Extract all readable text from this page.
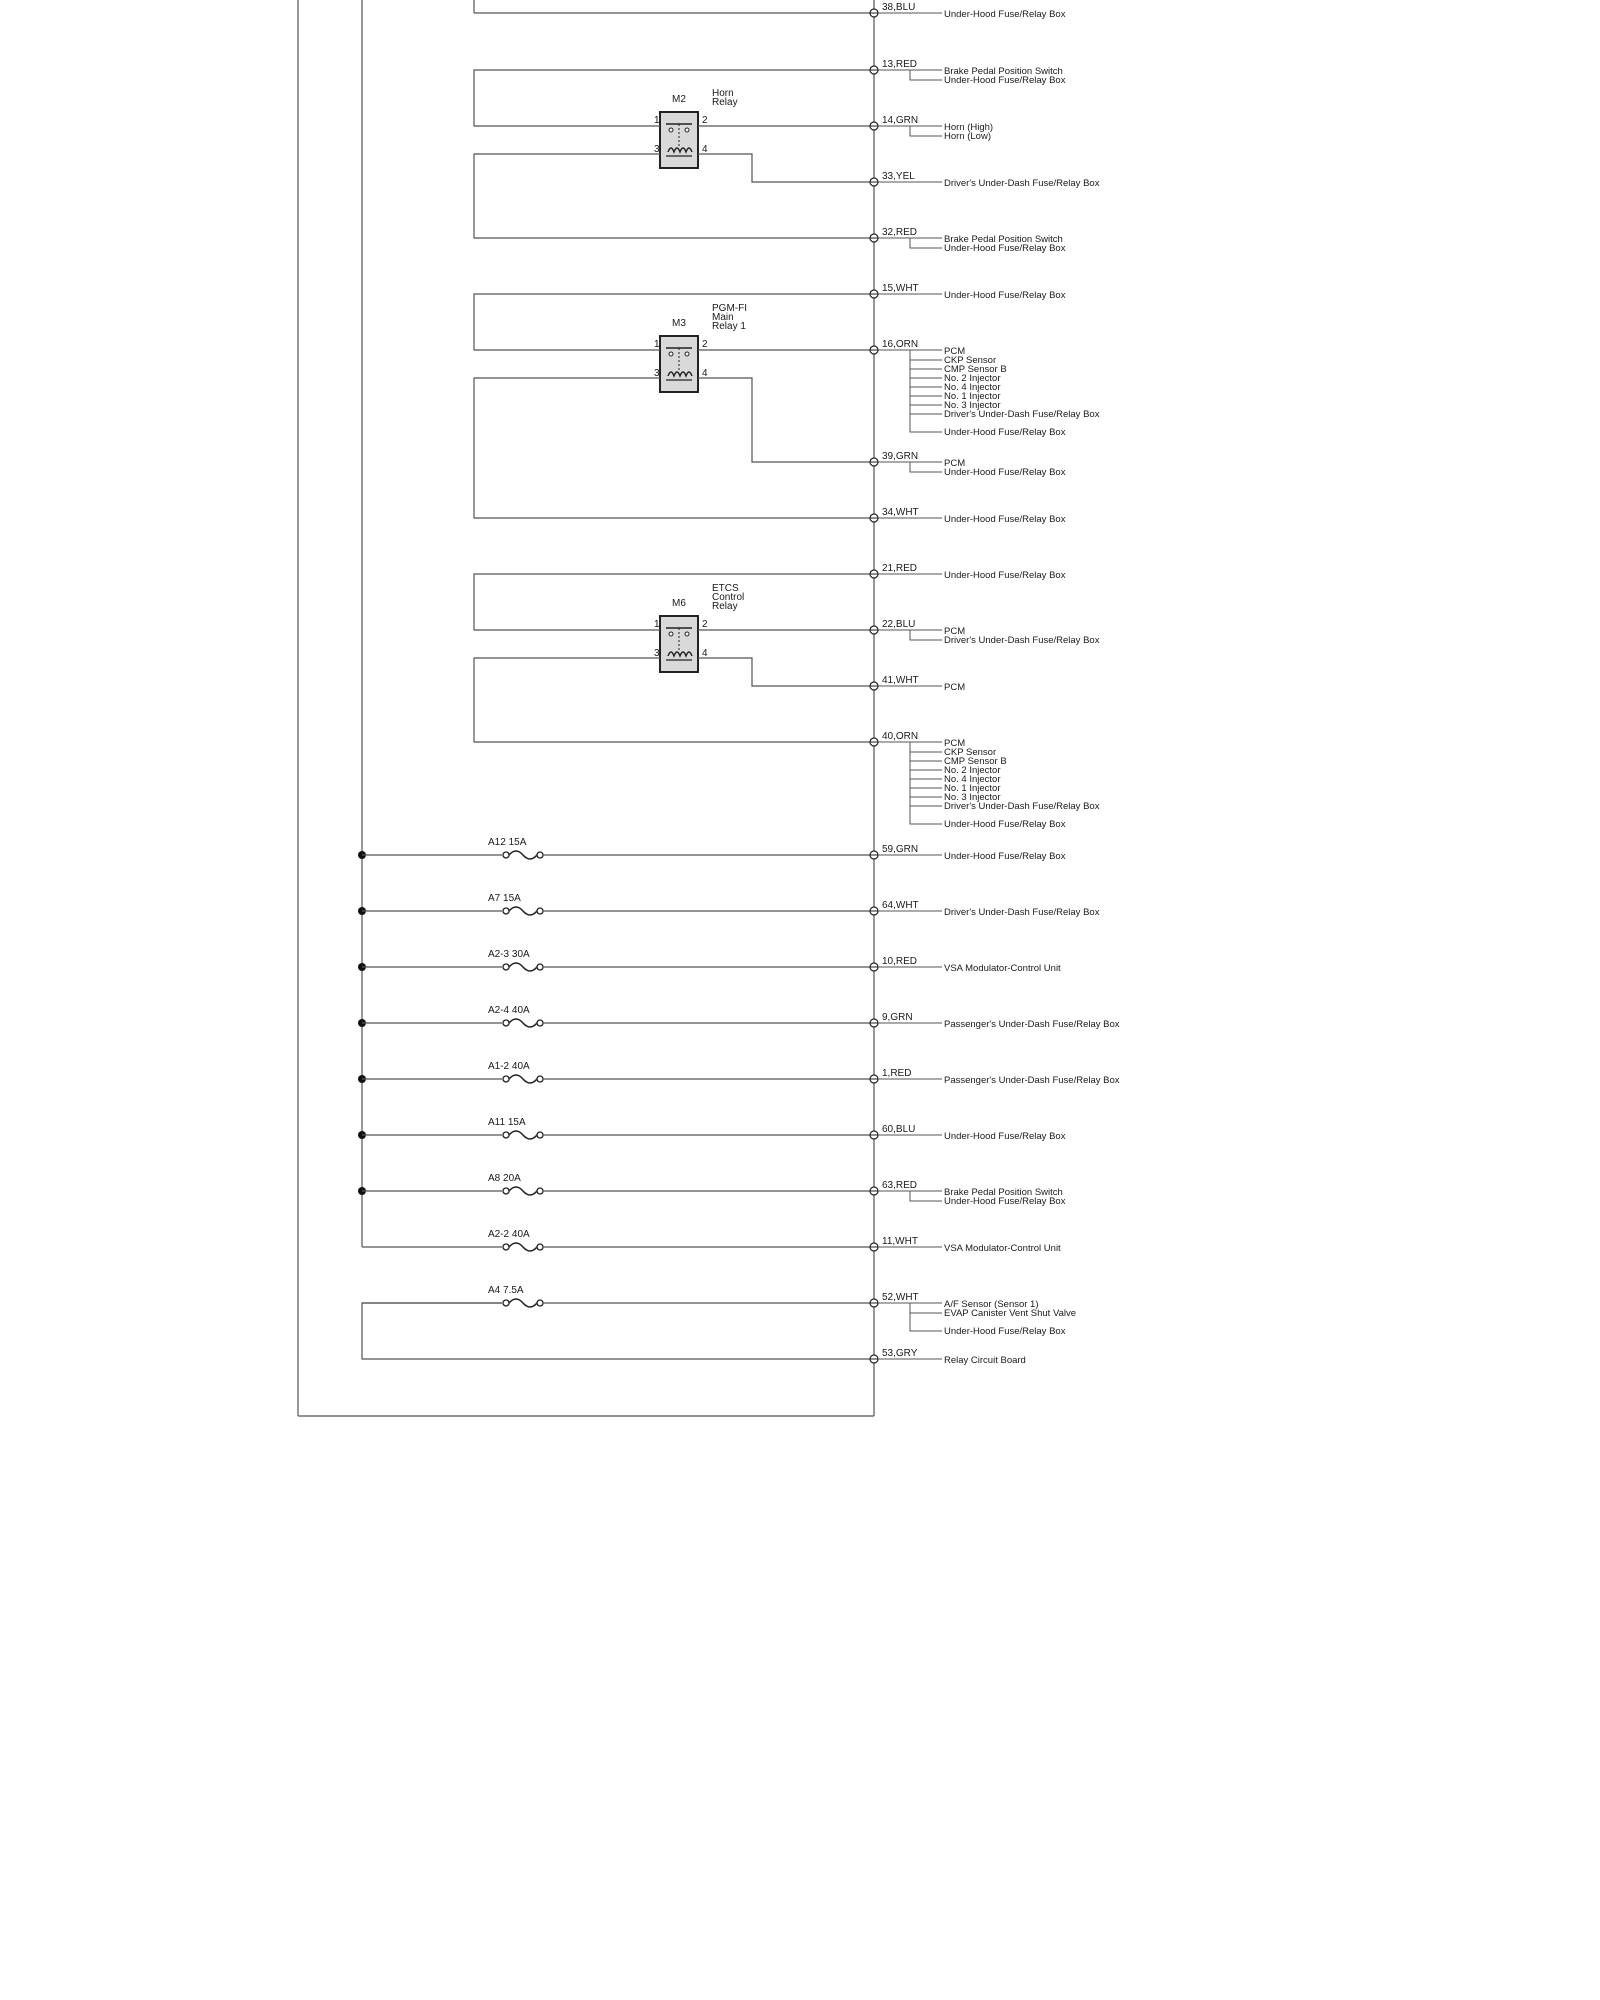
M2
Horn
Relay
1	2
3	4
M3
PGM-FI
Main
Relay 1
1	2
3	4
M6
ETCS
Control
Relay
1	2
3	4
A12 15A
A7 15A
A2-3 30A
A2-4 40A
A1-2 40A
A11 15A
A8 20A
A2-2 40A
A4 7.5A
38,BLU
13,RED
14,GRN
33,YEL
32,RED
15,WHT
16,ORN
39,GRN
34,WHT
21,RED
22,BLU
41,WHT
40,ORN
59,GRN
64,WHT
10,RED
9,GRN
1,RED
60,BLU
63,RED
11,WHT
52,WHT
53,GRY
Under-Hood Fuse/Relay Box
Brake Pedal Position Switch
Under-Hood Fuse/Relay Box
Horn (High)
Horn (Low)
Driver's Under-Dash Fuse/Relay Box
Brake Pedal Position Switch
Under-Hood Fuse/Relay Box
Under-Hood Fuse/Relay Box
PCM
CKP Sensor
CMP Sensor B
No. 2 Injector
No. 4 Injector
No. 1 Injector
No. 3 Injector
Driver's Under-Dash Fuse/Relay Box
Under-Hood Fuse/Relay Box
PCM
Under-Hood Fuse/Relay Box
Under-Hood Fuse/Relay Box
Under-Hood Fuse/Relay Box
PCM
Driver's Under-Dash Fuse/Relay Box
PCM
PCM
CKP Sensor
CMP Sensor B
No. 2 Injector
No. 4 Injector
No. 1 Injector
No. 3 Injector
Driver's Under-Dash Fuse/Relay Box
Under-Hood Fuse/Relay Box
Under-Hood Fuse/Relay Box
Driver's Under-Dash Fuse/Relay Box
VSA Modulator-Control Unit
Passenger's Under-Dash Fuse/Relay Box
Passenger's Under-Dash Fuse/Relay Box
Under-Hood Fuse/Relay Box
Brake Pedal Position Switch
Under-Hood Fuse/Relay Box
VSA Modulator-Control Unit
A/F Sensor (Sensor 1)
EVAP Canister Vent Shut Valve
Under-Hood Fuse/Relay Box
Relay Circuit Board
